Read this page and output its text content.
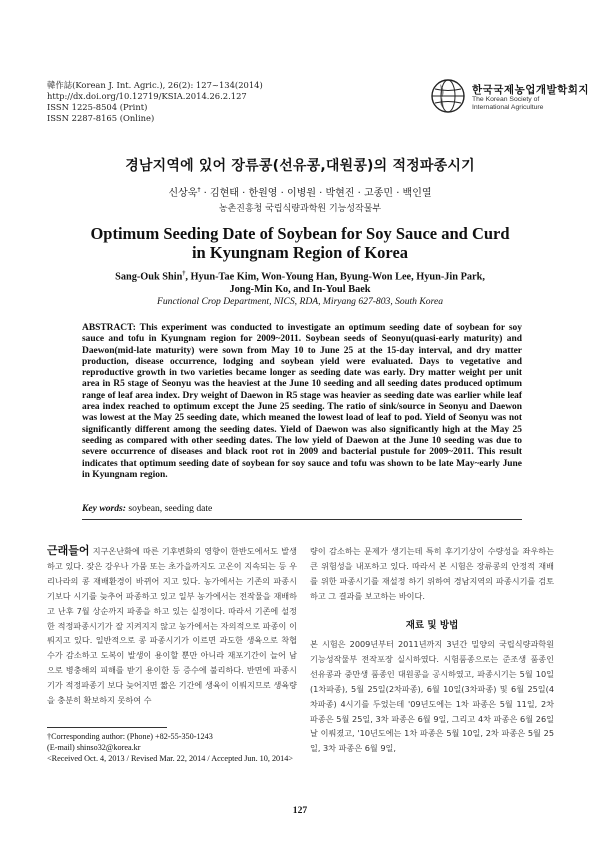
韓作誌(Korean J. Int. Agric.), 26(2): 127~134(2014)
http://dx.doi.org/10.12719/KSIA.2014.26.2.127
ISSN 1225-8504 (Print)
ISSN 2287-8165 (Online)
한국국제농업개발학회지
The Korean Society of International Agriculture
경남지역에 있어 장류콩(선유콩,대원콩)의 적정파종시기
신상욱† · 김현태 · 한원영 · 이병원 · 박현진 · 고종민 · 백인열
농촌진흥청 국립식량과학원 기능성작물부
Optimum Seeding Date of Soybean for Soy Sauce and Curd
in Kyungnam Region of Korea
Sang-Ouk Shin†, Hyun-Tae Kim, Won-Young Han, Byung-Won Lee, Hyun-Jin Park,
Jong-Min Ko, and In-Youl Baek
Functional Crop Department, NICS, RDA, Miryang 627-803, South Korea
ABSTRACT: This experiment was conducted to investigate an optimum seeding date of soybean for soy sauce and tofu in Kyungnam region for 2009~2011. Soybean seeds of Seonyu(quasi-early maturity) and Daewon(mid-late maturity) were sown from May 10 to June 25 at the 15-day interval, and dry matter production, disease occurrence, lodging and soybean yield were evaluated. Days to vegetative and reproductive growth in two varieties became longer as seeding date was early. Dry matter weight per unit area in R5 stage of Seonyu was the heaviest at the June 10 seeding and all seeding dates produced optimum range of leaf area index. Dry weight of Daewon in R5 stage was heavier as seeding date was earlier while leaf area index reached to optimum except the June 25 seeding. The ratio of sink/source in Seonyu and Daewon was lowest at the May 25 seeding date, which meaned the lowest load of leaf to pod. Yield of Seonyu was not significantly different among the seeding dates. Yield of Daewon was also significantly high at the May 25 seeding as compared with other seeding dates. The low yield of Daewon at the June 10 seeding was due to severe occurrence of diseases and black root rot in 2009 and bacterial pustule for 2009~2011. This result indicates that optimum seeding date of soybean for soy sauce and tofu was shown to be late May~early June in Kyungnam region.
Key words: soybean, seeding date
근래들어 지구온난화에 따른 기후변화의 영향이 한반도에서도 발생하고 있다. 잦은 강우나 가뭄 또는 초가을까지도 고온이 지속되는 등 우리나라의 콩 재배환경이 바뀌어 지고 있다. 농가에서는 기존의 파종시기보다 시기를 늦추어 파종하고 있고 일부 농가에서는 전작물을 재배하고 난후 7월 상순까지 파종을 하고 있는 실정이다. 따라서 기존에 설정한 적정파종시기가 잘 지켜지지 않고 농가에서는 자의적으로 파종이 이뤄지고 있다. 일반적으로 콩 파종시기가 이르면 과도한 생육으로 착협수가 감소하고 도복이 발생이 용이할 뿐만 아니라 재포기간이 늘어 남으로 병충해의 피해를 받기 용이한 등 증수에 불리하다. 반면에 파종시기가 적정파종기 보다 늦어지면 짧은 기간에 생육이 이뤄지므로 생육량을 충분히 확보하지 못하여 수
량이 감소하는 문제가 생기는데 특히 후기기상이 수량성을 좌우하는 큰 위험성을 내포하고 있다. 따라서 본 시험은 장류콩의 안정적 재배를 위한 파종시기를 재설정 하기 위하여 경남지역의 파종시기를 검토하고 그 결과를 보고하는 바이다.
재료 및 방법
본 시험은 2009년부터 2011년까지 3년간 밀양의 국립식량과학원 기능성작물부 전작포장 실시하였다. 시험품종으로는 준조생 품종인 선유콩과 중만생 품종인 대원콩을 공시하였고, 파종시기는 5월 10일(1차파종), 5월 25일(2차파종), 6월 10일(3차파종) 및 6월 25일(4차파종) 4시기를 두었는데 '09년도에는 1차 파종은 5월 11일, 2차 파종은 5월 25일, 3차 파종은 6월 9일, 그리고 4차 파종은 6월 26일날 이뤄졌고, '10년도에는 1차 파종은 5월 10일, 2차 파종은 5월 25일, 3차 파종은 6월 9일,
†Corresponding author: (Phone) +82-55-350-1243
(E-mail) shinso32@korea.kr
<Received Oct. 4, 2013 / Revised Mar. 22, 2014 / Accepted Jun. 10, 2014>
127
